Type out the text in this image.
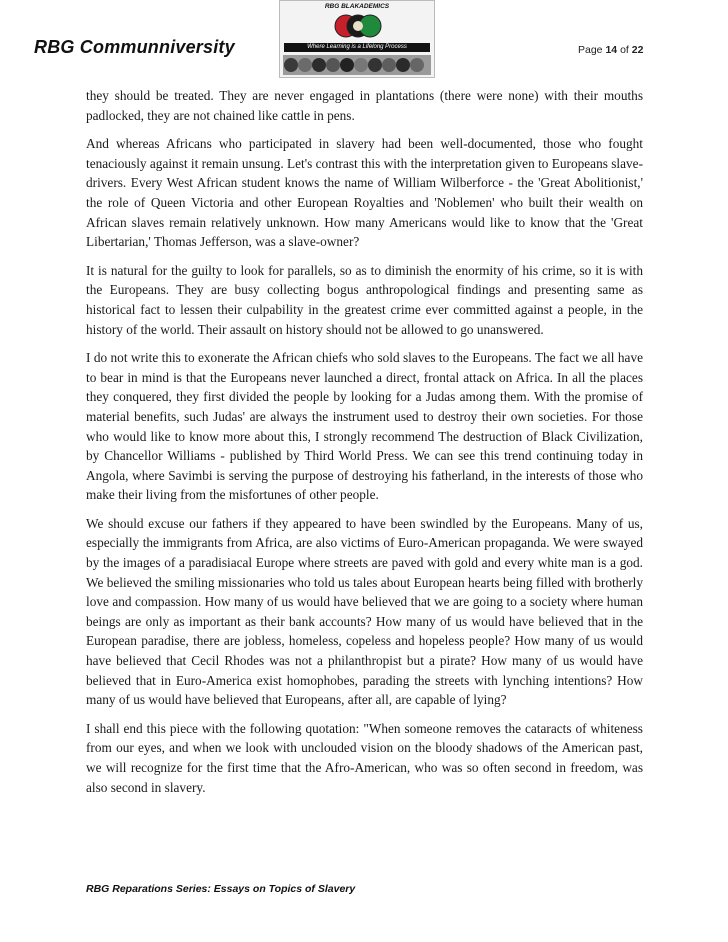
RBG Communniversity
RBG BLAKADEMICS
Where Learning is a Lifelong Process	Page 14 of 22

they should be treated. They are never engaged in plantations (there were none) with their mouths padlocked, they are not chained like cattle in pens.

And whereas Africans who participated in slavery had been well-documented, those who fought tenaciously against it remain unsung. Let's contrast this with the interpretation given to Europeans slave-drivers. Every West African student knows the name of William Wilberforce - the 'Great Abolitionist,' the role of Queen Victoria and other European Royalties and 'Noblemen' who built their wealth on African slaves remain relatively unknown. How many Americans would like to know that the 'Great Libertarian,' Thomas Jefferson, was a slave-owner?

It is natural for the guilty to look for parallels, so as to diminish the enormity of his crime, so it is with the Europeans. They are busy collecting bogus anthropological findings and presenting same as historical fact to lessen their culpability in the greatest crime ever committed against a people, in the history of the world. Their assault on history should not be allowed to go unanswered.

I do not write this to exonerate the African chiefs who sold slaves to the Europeans. The fact we all have to bear in mind is that the Europeans never launched a direct, frontal attack on Africa. In all the places they conquered, they first divided the people by looking for a Judas among them. With the promise of material benefits, such Judas' are always the instrument used to destroy their own societies. For those who would like to know more about this, I strongly recommend The destruction of Black Civilization, by Chancellor Williams - published by Third World Press. We can see this trend continuing today in Angola, where Savimbi is serving the purpose of destroying his fatherland, in the interests of those who make their living from the misfortunes of other people.

We should excuse our fathers if they appeared to have been swindled by the Europeans. Many of us, especially the immigrants from Africa, are also victims of Euro-American propaganda. We were swayed by the images of a paradisiacal Europe where streets are paved with gold and every white man is a god. We believed the smiling missionaries who told us tales about European hearts being filled with brotherly love and compassion. How many of us would have believed that we are going to a society where human beings are only as important as their bank accounts? How many of us would have believed that in the European paradise, there are jobless, homeless, copeless and hopeless people? How many of us would have believed that Cecil Rhodes was not a philanthropist but a pirate? How many of us would have believed that in Euro-America exist homophobes, parading the streets with lynching intentions? How many of us would have believed that Europeans, after all, are capable of lying?

I shall end this piece with the following quotation: "When someone removes the cataracts of whiteness from our eyes, and when we look with unclouded vision on the bloody shadows of the American past, we will recognize for the first time that the Afro-American, who was so often second in freedom, was also second in slavery.

RBG Reparations Series: Essays on Topics of Slavery
